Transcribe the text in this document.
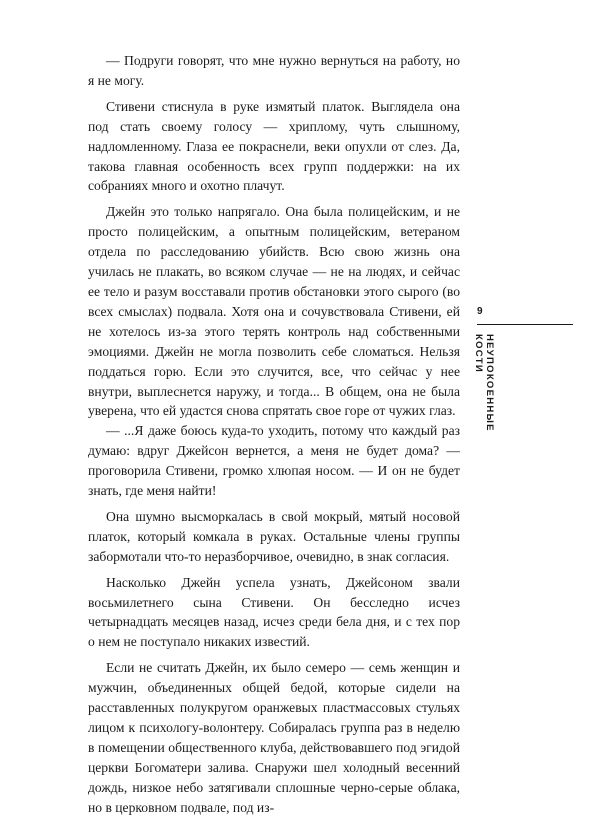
— Подруги говорят, что мне нужно вернуться на работу, но я не могу.

Стивени стиснула в руке измятый платок. Выглядела она под стать своему голосу — хриплому, чуть слышному, надломленному. Глаза ее покраснели, веки опухли от слез. Да, такова главная особенность всех групп поддержки: на их собраниях много и охотно плачут.

Джейн это только напрягало. Она была полицейским, и не просто полицейским, а опытным полицейским, ветераном отдела по расследованию убийств. Всю свою жизнь она училась не плакать, во всяком случае — не на людях, и сейчас ее тело и разум восставали против обстановки этого сырого (во всех смыслах) подвала. Хотя она и сочувствовала Стивени, ей не хотелось из-за этого терять контроль над собственными эмоциями. Джейн не могла позволить себе сломаться. Нельзя поддаться горю. Если это случится, все, что сейчас у нее внутри, выплеснется наружу, и тогда... В общем, она не была уверена, что ей удастся снова спрятать свое горе от чужих глаз.

— ...Я даже боюсь куда-то уходить, потому что каждый раз думаю: вдруг Джейсон вернется, а меня не будет дома? — проговорила Стивени, громко хлюпая носом. — И он не будет знать, где меня найти!

Она шумно высморкалась в свой мокрый, мятый носовой платок, который комкала в руках. Остальные члены группы забормотали что-то неразборчивое, очевидно, в знак согласия.

Насколько Джейн успела узнать, Джейсоном звали восьмилетнего сына Стивени. Он бесследно исчез четырнадцать месяцев назад, исчез среди бела дня, и с тех пор о нем не поступало никаких известий.

Если не считать Джейн, их было семеро — семь женщин и мужчин, объединенных общей бедой, которые сидели на расставленных полукругом оранжевых пластмассовых стульях лицом к психологу-волонтеру. Собиралась группа раз в неделю в помещении общественного клуба, действовавшего под эгидой церкви Богоматери залива. Снаружи шел холодный весенний дождь, низкое небо затягивали сплошные черно-серые облака, но в церковном подвале, под из-

9
НЕУПОКОЕННЫЕ КОСТИ
